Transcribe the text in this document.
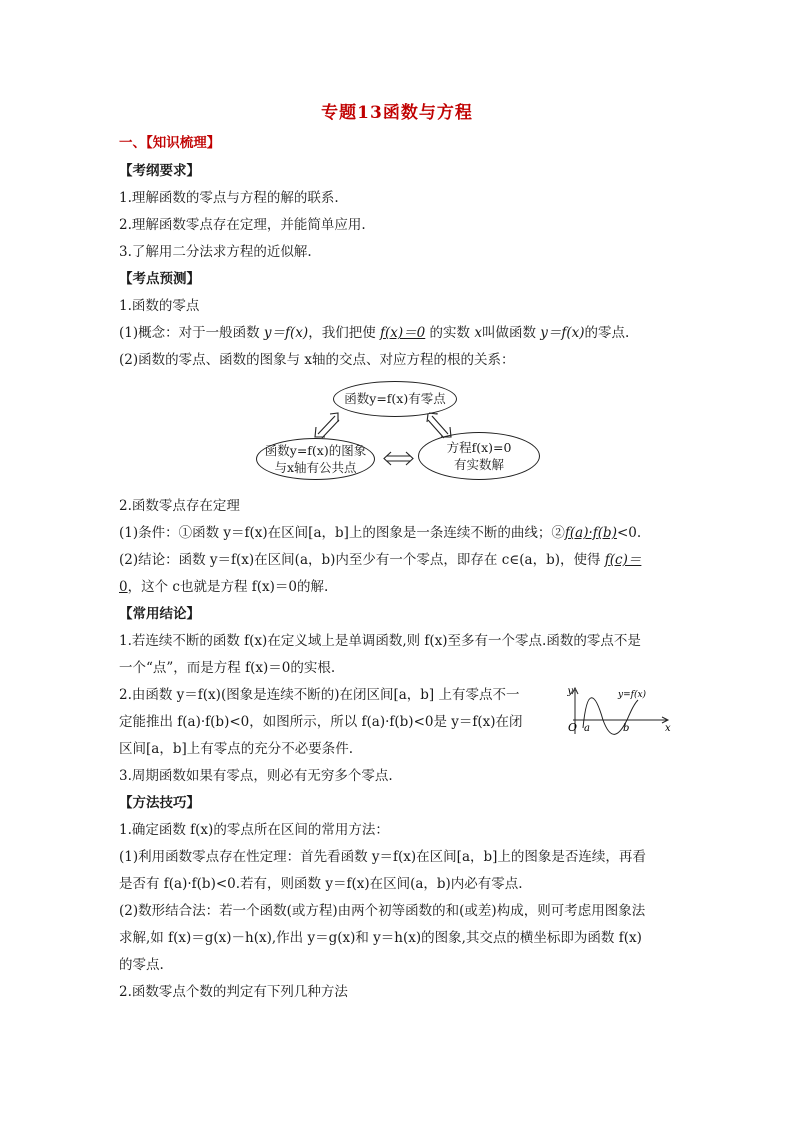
专题13函数与方程
一、【知识梳理】
【考纲要求】
1.理解函数的零点与方程的解的联系.
2.理解函数零点存在定理，并能简单应用.
3.了解用二分法求方程的近似解.
【考点预测】
1.函数的零点
(1)概念：对于一般函数 y＝f(x)，我们把使 f(x)＝0 的实数 x叫做函数 y＝f(x)的零点.
(2)函数的零点、函数的图象与 x轴的交点、对应方程的根的关系：
函数y=f(x)有零点
函数y=f(x)的图象
与x轴有公共点
方程f(x)=0
有实数解
2.函数零点存在定理
(1)条件：①函数 y＝f(x)在区间[a，b]上的图象是一条连续不断的曲线；②f(a)·f(b)<0.
(2)结论：函数 y＝f(x)在区间(a，b)内至少有一个零点，即存在 c∈(a，b)，使得 f(c)＝
0，这个 c也就是方程 f(x)＝0的解.
【常用结论】
1.若连续不断的函数 f(x)在定义域上是单调函数,则 f(x)至多有一个零点.函数的零点不是
一个“点”，而是方程 f(x)＝0的实根.
2.由函数 y＝f(x)(图象是连续不断的)在闭区间[a，b] 上有零点不一
定能推出 f(a)·f(b)<0，如图所示，所以 f(a)·f(b)<0是 y＝f(x)在闭
区间[a，b]上有零点的充分不必要条件.
y
x
O a	b
y=f(x)
3.周期函数如果有零点，则必有无穷多个零点.
【方法技巧】
1.确定函数 f(x)的零点所在区间的常用方法：
(1)利用函数零点存在性定理：首先看函数 y＝f(x)在区间[a，b]上的图象是否连续，再看
是否有 f(a)·f(b)<0.若有，则函数 y＝f(x)在区间(a，b)内必有零点.
(2)数形结合法：若一个函数(或方程)由两个初等函数的和(或差)构成，则可考虑用图象法
求解,如 f(x)＝g(x)－h(x),作出 y＝g(x)和 y＝h(x)的图象,其交点的横坐标即为函数 f(x)
的零点.
2.函数零点个数的判定有下列几种方法
